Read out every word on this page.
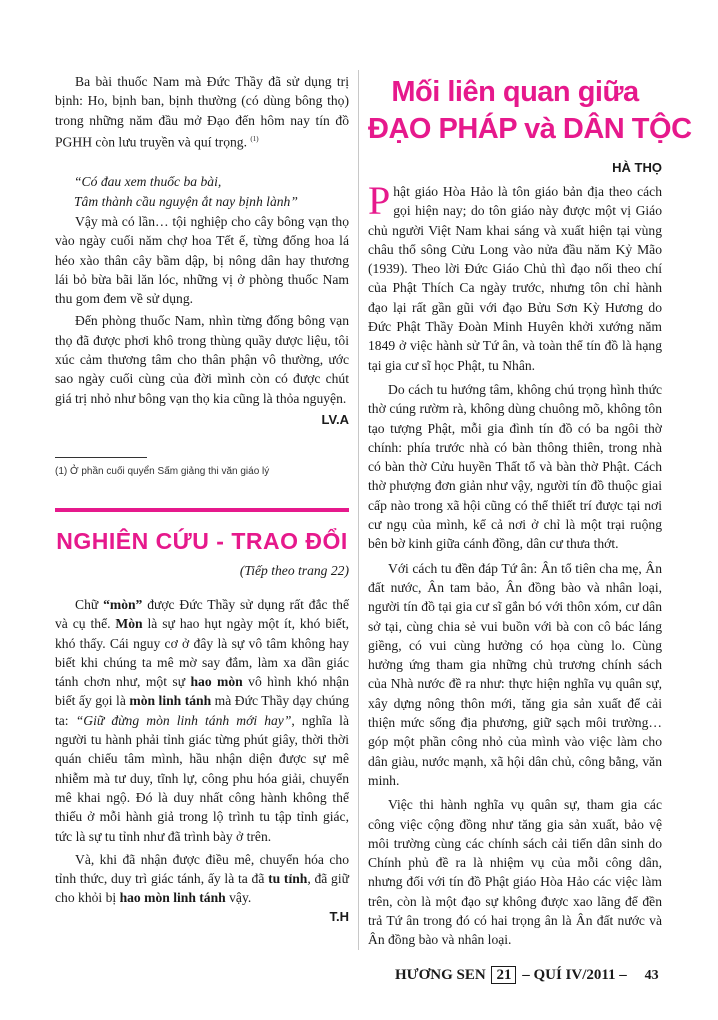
Ba bài thuốc Nam mà Đức Thầy đã sử dụng trị bịnh: Ho, bịnh ban, bịnh thường (có dùng bông thọ) trong những năm đầu mở Đạo đến hôm nay tín đồ PGHH còn lưu truyền và quí trọng. $^{(1)}$

“Có đau xem thuốc ba bài,
Tâm thành cầu nguyện ắt nay bịnh lành”

Vậy mà có lần… tội nghiệp cho cây bông vạn thọ vào ngày cuối năm chợ hoa Tết ế, từng đống hoa lá héo xào thân cây bầm dập, bị nông dân hay thương lái bỏ bừa bãi lăn lóc, những vị ở phòng thuốc Nam thu gom đem về sử dụng.

Đến phòng thuốc Nam, nhìn từng đống bông vạn thọ đã được phơi khô trong thùng quầy dược liệu, tôi xúc cảm thương tâm cho thân phận vô thường, ước sao ngày cuối cùng của đời mình còn có được chút giá trị nhỏ như bông vạn thọ kia cũng là thỏa nguyện.

LV.A
(1) Ở phần cuối quyển Sấm giảng thi văn giáo lý
NGHIÊN CỨU - TRAO ĐỔI
(Tiếp theo trang 22)

Chữ “mòn” được Đức Thầy sử dụng rất đắc thế và cụ thể. Mòn là sự hao hụt ngày một ít, khó biết, khó thấy. Cái nguy cơ ở đây là sự vô tâm không hay biết khi chúng ta mê mờ say đắm, làm xa dần giác tánh chơn như, một sự hao mòn vô hình khó nhận biết ấy gọi là mòn linh tánh mà Đức Thầy dạy chúng ta: “Giữ đừng mòn linh tánh mới hay”, nghĩa là người tu hành phải tỉnh giác từng phút giây, thời thời quán chiếu tâm mình, hầu nhận diện được sự mê nhiễm mà tư duy, tĩnh lự, công phu hóa giải, chuyển mê khai ngộ. Đó là duy nhất công hành không thể thiếu ở mỗi hành giả trong lộ trình tu tập tỉnh giác, tức là sự tu tỉnh như đã trình bày ở trên.

Và, khi đã nhận được điều mê, chuyển hóa cho tỉnh thức, duy trì giác tánh, ấy là ta đã tu tỉnh, đã giữ cho khỏi bị hao mòn linh tánh vậy.

T.H
Mối liên quan giữa
ĐẠO PHÁP và DÂN TỘC
HÀ THỌ

Phật giáo Hòa Hảo là tôn giáo bản địa theo cách gọi hiện nay; do tôn giáo này được một vị Giáo chủ người Việt Nam khai sáng và xuất hiện tại vùng châu thổ sông Cửu Long vào nửa đầu năm Kỷ Mão (1939). Theo lời Đức Giáo Chủ thì đạo nối theo chí của Phật Thích Ca ngày trước, nhưng tôn chỉ hành đạo lại rất gần gũi với đạo Bửu Sơn Kỳ Hương do Đức Phật Thầy Đoàn Minh Huyên khởi xướng năm 1849 ở việc hành sử Tứ ân, và toàn thể tín đồ là hạng tại gia cư sĩ học Phật, tu Nhân.

Do cách tu hướng tâm, không chú trọng hình thức thờ cúng rườm rà, không dùng chuông mõ, không tôn tạo tượng Phật, mỗi gia đình tín đồ có ba ngôi thờ chính: phía trước nhà có bàn thông thiên, trong nhà có bàn thờ Cửu huyền Thất tổ và bàn thờ Phật. Cách thờ phượng đơn giản như vậy, người tín đồ thuộc giai cấp nào trong xã hội cũng có thể thiết trí được tại nơi cư ngụ của mình, kể cả nơi ở chỉ là một trại ruộng bên bờ kinh giữa cánh đồng, dân cư thưa thớt.

Với cách tu đền đáp Tứ ân: Ân tổ tiên cha mẹ, Ân đất nước, Ân tam bảo, Ân đồng bào và nhân loại, người tín đồ tại gia cư sĩ gắn bó với thôn xóm, cư dân sở tại, cùng chia sẻ vui buồn với bà con cô bác láng giềng, có vui cùng hưởng có họa cùng lo. Cùng hưởng ứng tham gia những chủ trương chính sách của Nhà nước đề ra như: thực hiện nghĩa vụ quân sự, xây dựng nông thôn mới, tăng gia sản xuất để cải thiện mức sống địa phương, giữ sạch môi trường… góp một phần công nhỏ của mình vào việc làm cho dân giàu, nước mạnh, xã hội dân chủ, công bằng, văn minh.

Việc thi hành nghĩa vụ quân sự, tham gia các công việc cộng đồng như tăng gia sản xuất, bảo vệ môi trường cùng các chính sách cải tiến dân sinh do Chính phủ đề ra là nhiệm vụ của mỗi công dân, nhưng đối với tín đồ Phật giáo Hòa Hảo các việc làm trên, còn là một đạo sự không được xao lãng để đền trả Tứ ân trong đó có hai trọng ân là Ân đất nước và Ân đồng bào và nhân loại.

HƯƠNG SEN 21 – QUÍ IV/2011 – 43
